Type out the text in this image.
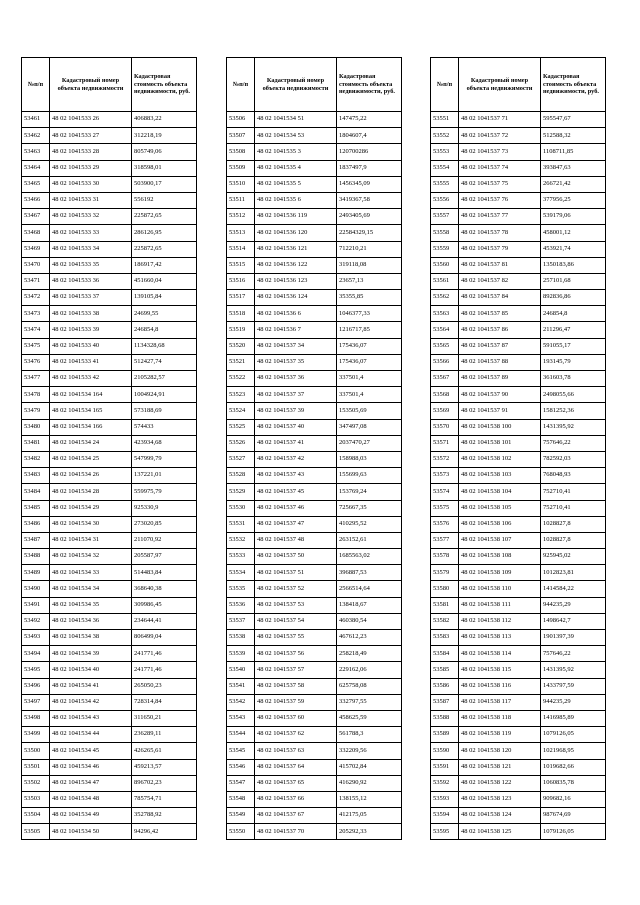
№п/п	Кадастровый номер объекта недвижимости	Кадастровая стоимость объекта недвижимости, руб.
53461	48 02 1041533 26	406883,22
53462	48 02 1041533 27	312218,19
53463	48 02 1041533 28	805749,06
53464	48 02 1041533 29	318598,01
53465	48 02 1041533 30	503900,17
53466	48 02 1041533 31	556192
53467	48 02 1041533 32	225872,65
53468	48 02 1041533 33	286126,95
53469	48 02 1041533 34	225872,65
53470	48 02 1041533 35	186917,42
53471	48 02 1041533 36	451660,04
53472	48 02 1041533 37	139105,84
53473	48 02 1041533 38	24699,55
53474	48 02 1041533 39	246854,8
53475	48 02 1041533 40	1134328,68
53476	48 02 1041533 41	512427,74
53477	48 02 1041533 42	2105282,57
53478	48 02 1041534 164	1004924,91
53479	48 02 1041534 165	573188,69
53480	48 02 1041534 166	574433
53481	48 02 1041534 24	423934,68
53482	48 02 1041534 25	547999,79
53483	48 02 1041534 26	137221,01
53484	48 02 1041534 28	559975,79
53485	48 02 1041534 29	925330,9
53486	48 02 1041534 30	273020,85
53487	48 02 1041534 31	211070,92
53488	48 02 1041534 32	205587,97
53489	48 02 1041534 33	514483,84
53490	48 02 1041534 34	368640,38
53491	48 02 1041534 35	309986,45
53492	48 02 1041534 36	234644,41
53493	48 02 1041534 38	806499,04
53494	48 02 1041534 39	241771,46
53495	48 02 1041534 40	241771,46
53496	48 02 1041534 41	265050,23
53497	48 02 1041534 42	728314,84
53498	48 02 1041534 43	311650,21
53499	48 02 1041534 44	236289,11
53500	48 02 1041534 45	426265,61
53501	48 02 1041534 46	459213,57
53502	48 02 1041534 47	896702,23
53503	48 02 1041534 48	785754,71
53504	48 02 1041534 49	352788,92
53505	48 02 1041534 50	94296,42
№п/п	Кадастровый номер объекта недвижимости	Кадастровая стоимость объекта недвижимости, руб.
53506	48 02 1041534 51	147475,22
53507	48 02 1041534 53	1804607,4
53508	48 02 1041535 3	120700286
53509	48 02 1041535 4	1837497,9
53510	48 02 1041535 5	1456345,09
53511	48 02 1041535 6	3419367,58
53512	48 02 1041536 119	2493405,69
53513	48 02 1041536 120	22584329,15
53514	48 02 1041536 121	712210,21
53515	48 02 1041536 122	319118,08
53516	48 02 1041536 123	23657,13
53517	48 02 1041536 124	35355,85
53518	48 02 1041536 6	1046377,33
53519	48 02 1041536 7	1216717,85
53520	48 02 1041537 34	175436,07
53521	48 02 1041537 35	175436,07
53522	48 02 1041537 36	337501,4
53523	48 02 1041537 37	337501,4
53524	48 02 1041537 39	153505,69
53525	48 02 1041537 40	347497,08
53526	48 02 1041537 41	2037470,27
53527	48 02 1041537 42	158988,03
53528	48 02 1041537 43	155699,63
53529	48 02 1041537 45	153769,24
53530	48 02 1041537 46	725667,35
53531	48 02 1041537 47	410295,52
53532	48 02 1041537 48	263152,61
53533	48 02 1041537 50	1685563,02
53534	48 02 1041537 51	396887,53
53535	48 02 1041537 52	2566514,64
53536	48 02 1041537 53	138418,67
53537	48 02 1041537 54	460380,54
53538	48 02 1041537 55	467612,23
53539	48 02 1041537 56	258218,49
53540	48 02 1041537 57	229162,06
53541	48 02 1041537 58	625758,08
53542	48 02 1041537 59	332797,55
53543	48 02 1041537 60	458625,59
53544	48 02 1041537 62	561788,3
53545	48 02 1041537 63	332209,56
53546	48 02 1041537 64	415702,84
53547	48 02 1041537 65	416290,92
53548	48 02 1041537 66	138155,12
53549	48 02 1041537 67	412175,05
53550	48 02 1041537 70	205292,33
№п/п	Кадастровый номер объекта недвижимости	Кадастровая стоимость объекта недвижимости, руб.
53551	48 02 1041537 71	595547,67
53552	48 02 1041537 72	512588,32
53553	48 02 1041537 73	1108711,85
53554	48 02 1041537 74	393847,63
53555	48 02 1041537 75	266721,42
53556	48 02 1041537 76	377956,25
53557	48 02 1041537 77	539179,06
53558	48 02 1041537 78	458001,12
53559	48 02 1041537 79	453921,74
53560	48 02 1041537 81	1350183,86
53561	48 02 1041537 82	257101,68
53562	48 02 1041537 84	892836,86
53563	48 02 1041537 85	246854,8
53564	48 02 1041537 86	211296,47
53565	48 02 1041537 87	591055,17
53566	48 02 1041537 88	193145,79
53567	48 02 1041537 89	361603,78
53568	48 02 1041537 90	2498055,66
53569	48 02 1041537 91	1581252,36
53570	48 02 1041538 100	1431395,92
53571	48 02 1041538 101	757646,22
53572	48 02 1041538 102	782592,03
53573	48 02 1041538 103	768048,93
53574	48 02 1041538 104	752710,41
53575	48 02 1041538 105	752710,41
53576	48 02 1041538 106	1028827,8
53577	48 02 1041538 107	1028827,8
53578	48 02 1041538 108	925945,02
53579	48 02 1041538 109	1012823,81
53580	48 02 1041538 110	1414584,22
53581	48 02 1041538 111	944235,29
53582	48 02 1041538 112	1498642,7
53583	48 02 1041538 113	1901397,39
53584	48 02 1041538 114	757646,22
53585	48 02 1041538 115	1431395,92
53586	48 02 1041538 116	1433797,59
53587	48 02 1041538 117	944235,29
53588	48 02 1041538 118	1416985,89
53589	48 02 1041538 119	1079126,05
53590	48 02 1041538 120	1021968,95
53591	48 02 1041538 121	1019682,66
53592	48 02 1041538 122	1060835,78
53593	48 02 1041538 123	909682,16
53594	48 02 1041538 124	987674,69
53595	48 02 1041538 125	1079126,05
